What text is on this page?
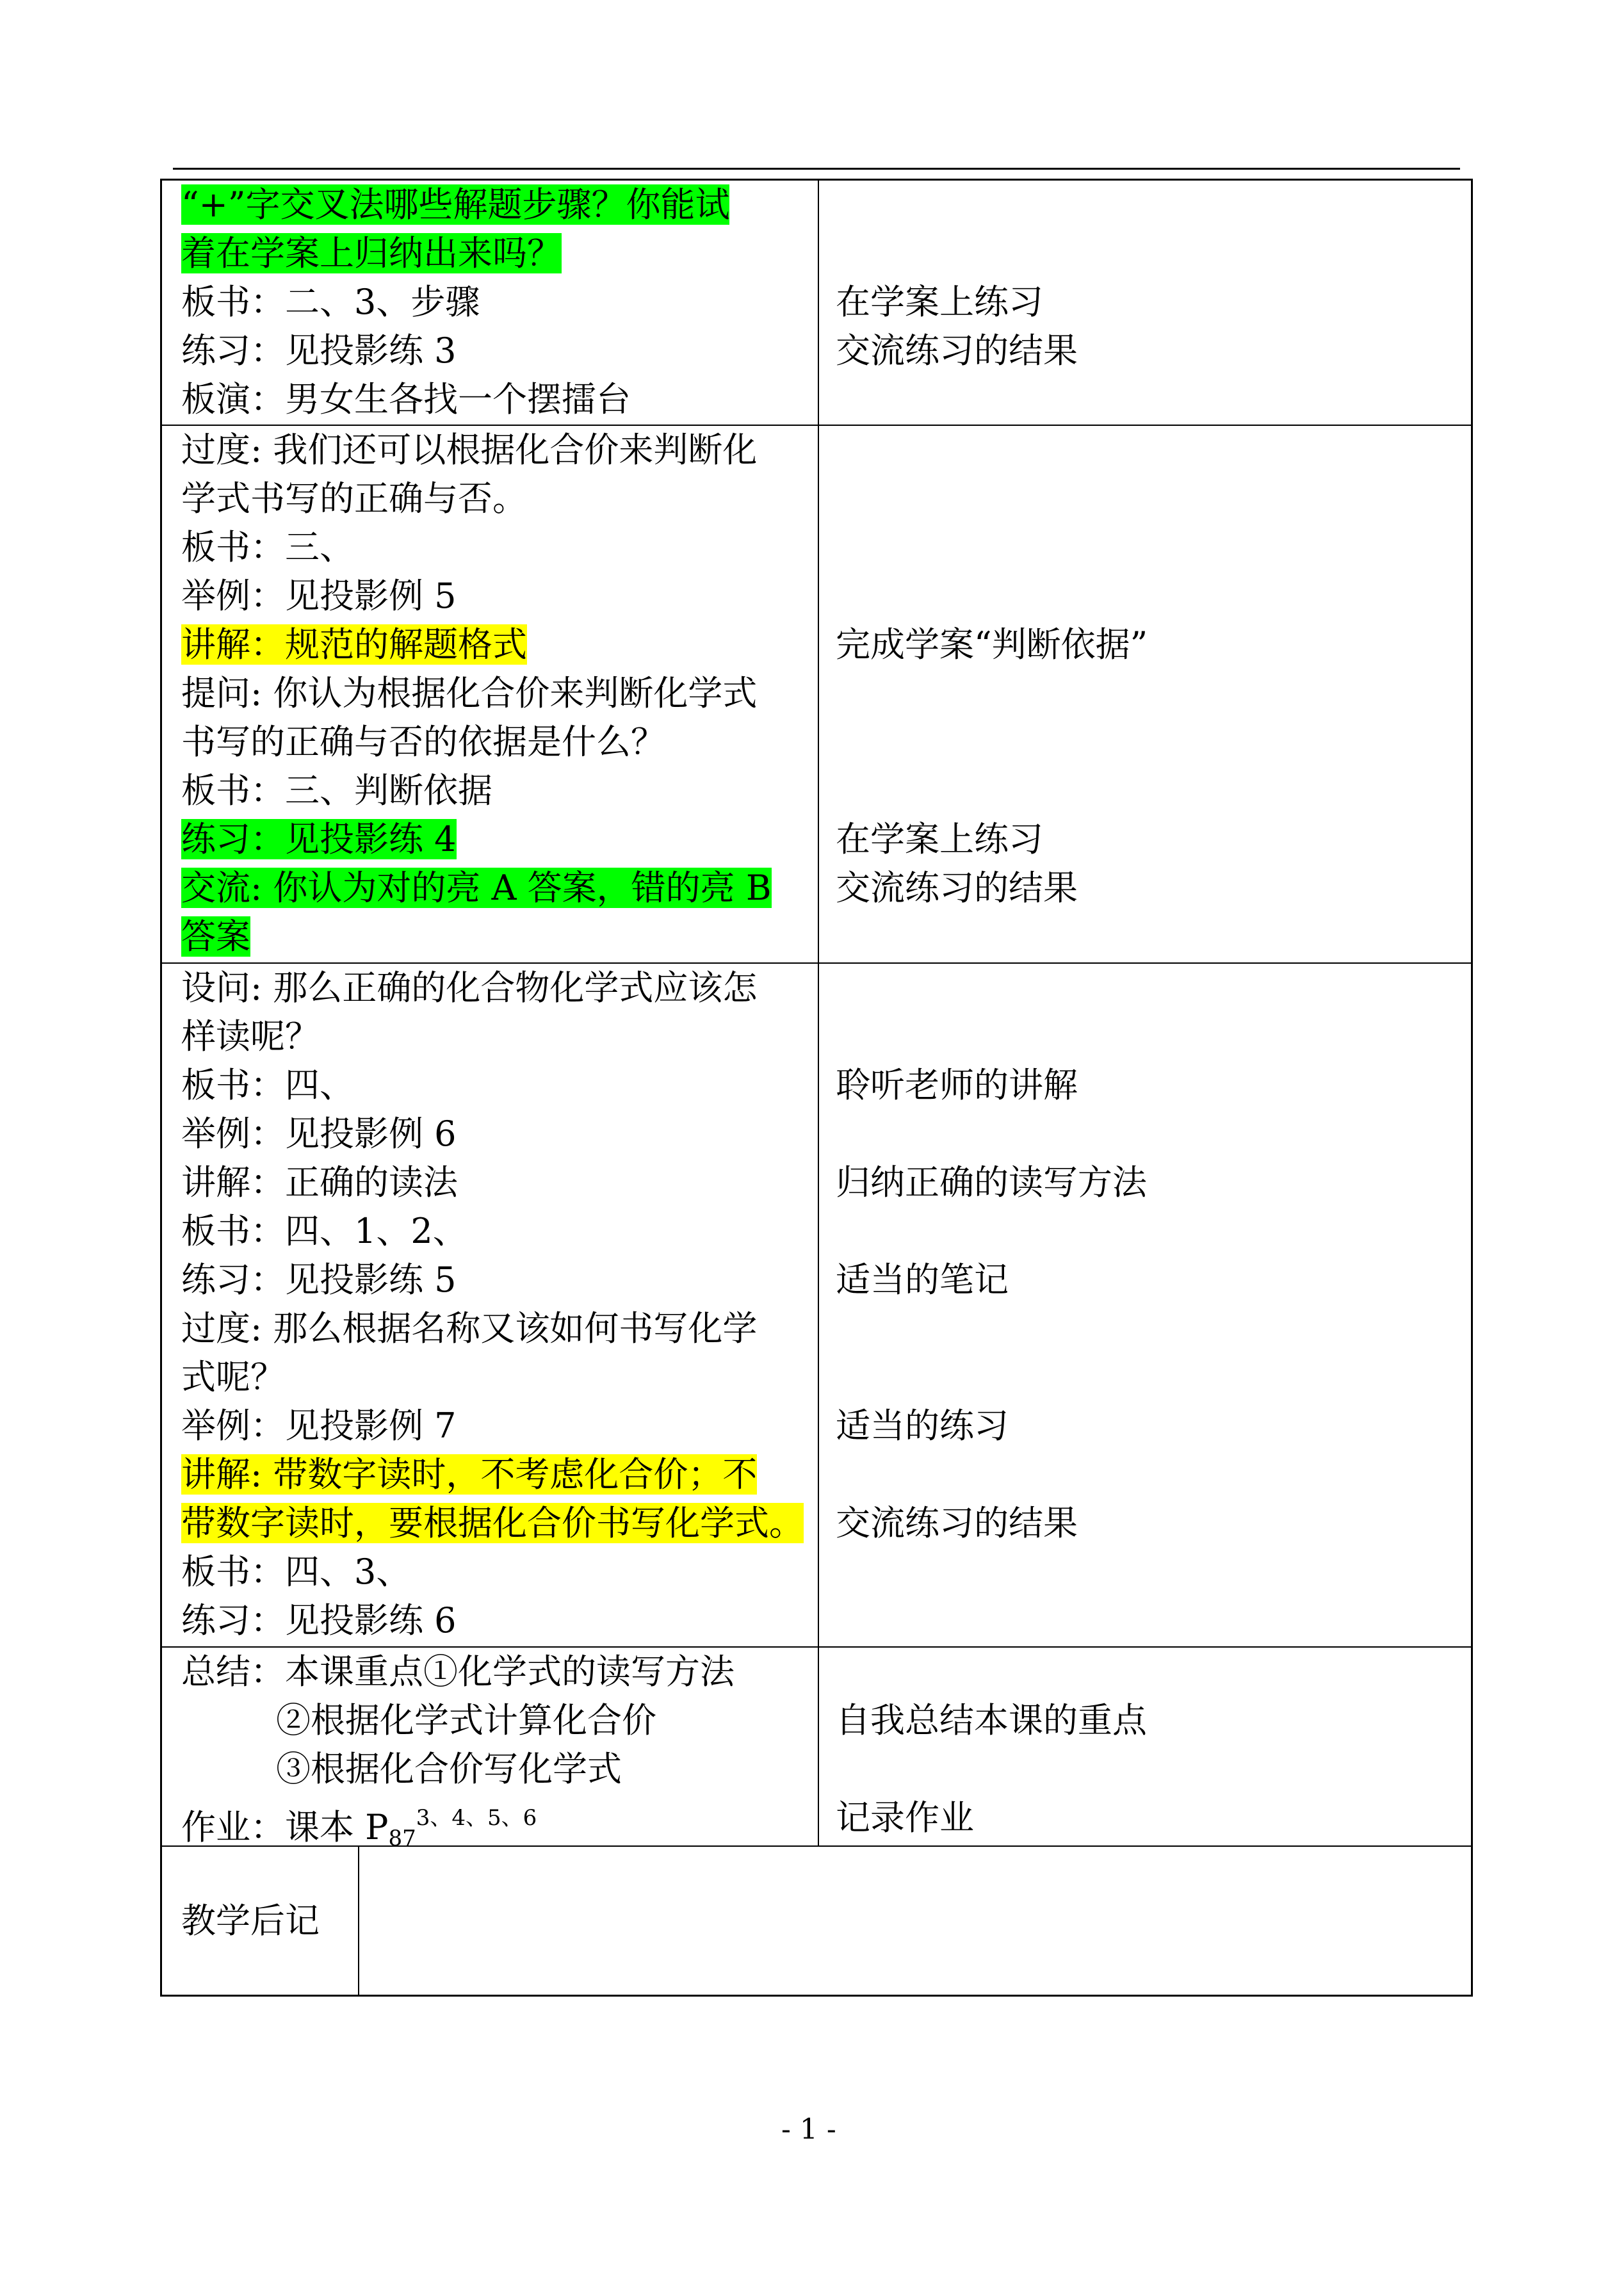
“+”字交叉法哪些解题步骤？你能试
着在学案上归纳出来吗？
板书：二、3、步骤
练习：见投影练 3
板演：男女生各找一个摆擂台
在学案上练习
交流练习的结果
过度: 我们还可以根据化合价来判断化
学式书写的正确与否。
板书：三、
举例：见投影例 5
讲解：规范的解题格式
提问: 你认为根据化合价来判断化学式
书写的正确与否的依据是什么？
板书：三、判断依据
练习：见投影练 4
交流: 你认为对的亮 A 答案，错的亮 B
答案
完成学案“判断依据”
在学案上练习
交流练习的结果
设问: 那么正确的化合物化学式应该怎
样读呢？
板书：四、
举例：见投影例 6
讲解：正确的读法
板书：四、1、2、
练习：见投影练 5
过度: 那么根据名称又该如何书写化学
式呢？
举例：见投影例 7
讲解: 带数字读时，不考虑化合价；不
带数字读时，要根据化合价书写化学式。
板书：四、3、
练习：见投影练 6
聆听老师的讲解
归纳正确的读写方法
适当的笔记
适当的练习
交流练习的结果
总结：本课重点①化学式的读写方法
②根据化学式计算化合价
③根据化合价写化学式
作业：课本 $P_{87}^{3、4、5、6}$
自我总结本课的重点
记录作业
教学后记
- 1 -
